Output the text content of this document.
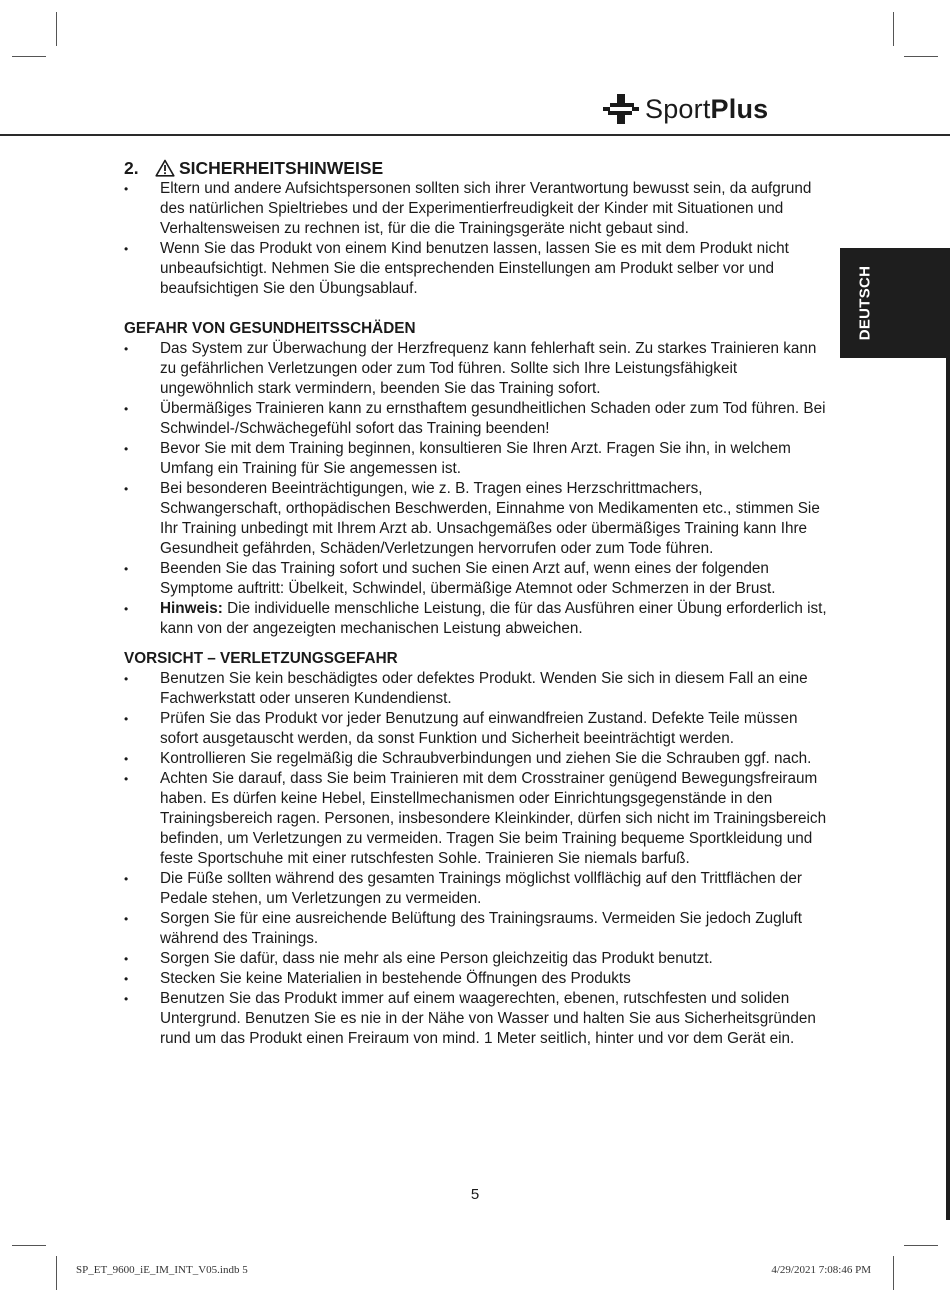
SportPlus
DEUTSCH
2.	SICHERHEITSHINWEISE
• Eltern und andere Aufsichtspersonen sollten sich ihrer Verantwortung bewusst sein, da aufgrund des natürlichen Spieltriebes und der Experimentierfreudigkeit der Kinder mit Situationen und Verhaltensweisen zu rechnen ist, für die die Trainingsgeräte nicht gebaut sind.
• Wenn Sie das Produkt von einem Kind benutzen lassen, lassen Sie es mit dem Produkt nicht unbeaufsichtigt. Nehmen Sie die entsprechenden Einstellungen am Produkt selber vor und beaufsichtigen Sie den Übungsablauf.
GEFAHR VON GESUNDHEITSSCHÄDEN
• Das System zur Überwachung der Herzfrequenz kann fehlerhaft sein. Zu starkes Trainieren kann zu gefährlichen Verletzungen oder zum Tod führen. Sollte sich Ihre Leistungsfähigkeit ungewöhnlich stark vermindern, beenden Sie das Training sofort.
• Übermäßiges Trainieren kann zu ernsthaftem gesundheitlichen Schaden oder zum Tod führen. Bei Schwindel-/Schwächegefühl sofort das Training beenden!
• Bevor Sie mit dem Training beginnen, konsultieren Sie Ihren Arzt. Fragen Sie ihn, in welchem Umfang ein Training für Sie angemessen ist.
• Bei besonderen Beeinträchtigungen, wie z. B. Tragen eines Herzschrittmachers, Schwangerschaft, orthopädischen Beschwerden, Einnahme von Medikamenten etc., stimmen Sie Ihr Training unbedingt mit Ihrem Arzt ab. Unsachgemäßes oder übermäßiges Training kann Ihre Gesundheit gefährden, Schäden/Verletzungen hervorrufen oder zum Tode führen.
• Beenden Sie das Training sofort und suchen Sie einen Arzt auf, wenn eines der folgenden Symptome auftritt: Übelkeit, Schwindel, übermäßige Atemnot oder Schmerzen in der Brust.
• Hinweis: Die individuelle menschliche Leistung, die für das Ausführen einer Übung erforderlich ist, kann von der angezeigten mechanischen Leistung abweichen.
VORSICHT – VERLETZUNGSGEFAHR
• Benutzen Sie kein beschädigtes oder defektes Produkt. Wenden Sie sich in diesem Fall an eine Fachwerkstatt oder unseren Kundendienst.
• Prüfen Sie das Produkt vor jeder Benutzung auf einwandfreien Zustand. Defekte Teile müssen sofort ausgetauscht werden, da sonst Funktion und Sicherheit beeinträchtigt werden.
• Kontrollieren Sie regelmäßig die Schraubverbindungen und ziehen Sie die Schrauben ggf. nach.
• Achten Sie darauf, dass Sie beim Trainieren mit dem Crosstrainer genügend Bewegungsfreiraum haben. Es dürfen keine Hebel, Einstellmechanismen oder Einrichtungsgegenstände in den Trainingsbereich ragen. Personen, insbesondere Kleinkinder, dürfen sich nicht im Trainingsbereich befinden, um Verletzungen zu vermeiden. Tragen Sie beim Training bequeme Sportkleidung und feste Sportschuhe mit einer rutschfesten Sohle. Trainieren Sie niemals barfuß.
• Die Füße sollten während des gesamten Trainings möglichst vollflächig auf den Trittflächen der Pedale stehen, um Verletzungen zu vermeiden.
• Sorgen Sie für eine ausreichende Belüftung des Trainingsraums. Vermeiden Sie jedoch Zugluft während des Trainings.
• Sorgen Sie dafür, dass nie mehr als eine Person gleichzeitig das Produkt benutzt.
• Stecken Sie keine Materialien in bestehende Öffnungen des Produkts
• Benutzen Sie das Produkt immer auf einem waagerechten, ebenen, rutschfesten und soliden Untergrund. Benutzen Sie es nie in der Nähe von Wasser und halten Sie aus Sicherheitsgründen rund um das Produkt einen Freiraum von mind. 1 Meter seitlich, hinter und vor dem Gerät ein.
5
SP_ET_9600_iE_IM_INT_V05.indb 5	4/29/2021 7:08:46 PM
